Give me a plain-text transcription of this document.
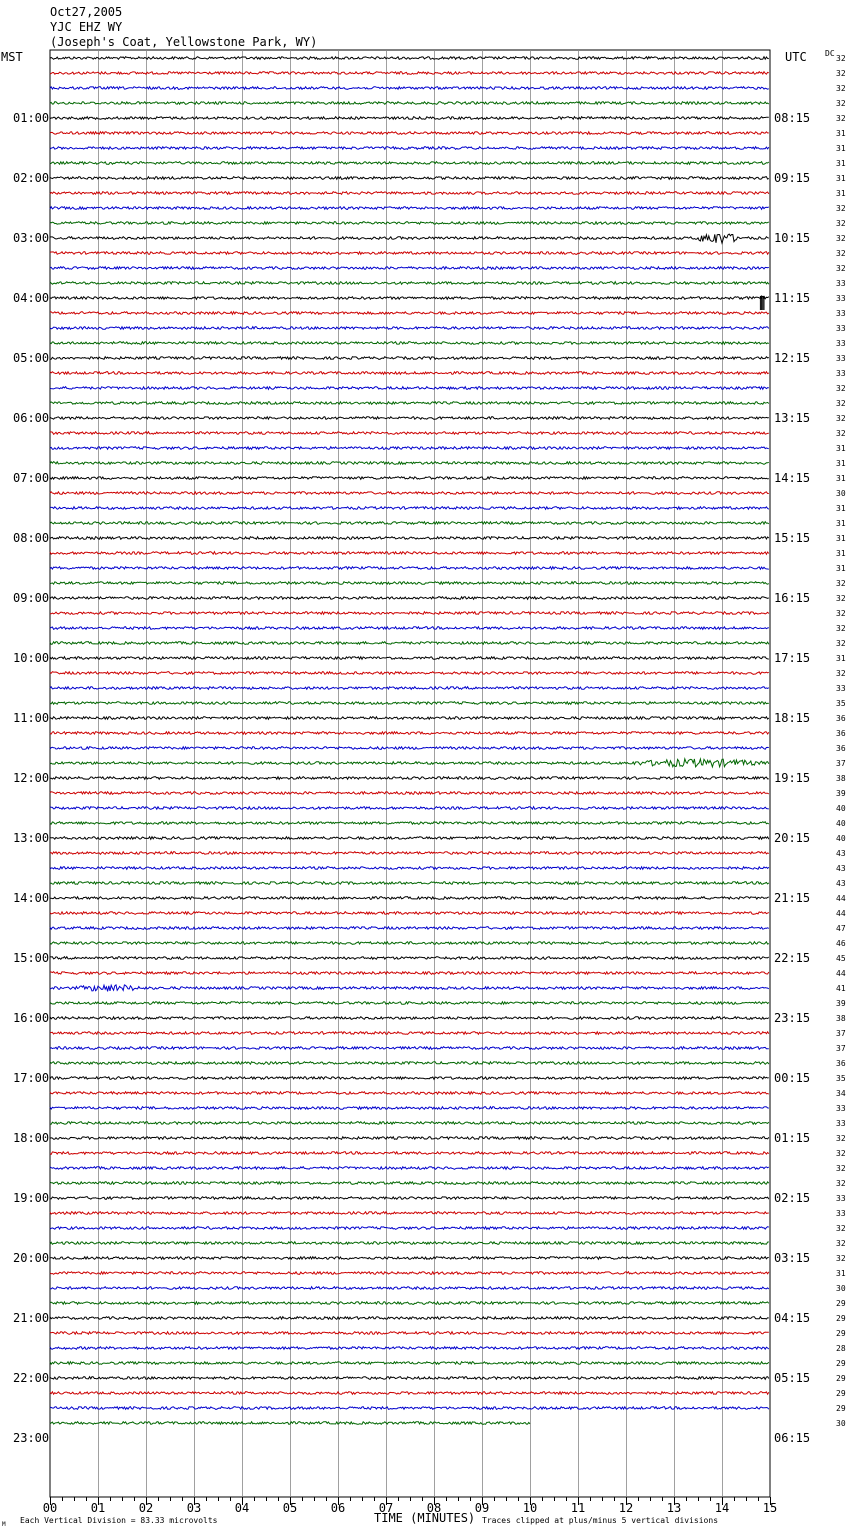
Oct27,2005
YJC EHZ WY
(Joseph's Coat, Yellowstone Park, WY)
MST	UTC DC
01:00
02:00
03:00
04:00
05:00
06:00
07:00
08:00
09:00
10:00
11:00
12:00
13:00
14:00
15:00
16:00
17:00
18:00
19:00
20:00
21:00
22:00
23:00
08:15
09:15
10:15
11:15
12:15
13:15
14:15
15:15
16:15
17:15
18:15
19:15
20:15
21:15
22:15
23:15
00:15
01:15
02:15
03:15
04:15
05:15
06:15
32
32
32
32
32
31
31
31
31
31
32
32
32
32
32
33
33
33
33
33
33
33
32
32
32
32
31
31
31
30
31
31
31
31
31
32
32
32
32
32
31
32
33
35
36
36
36
37
38
39
40
40
40
43
43
43
44
44
47
46
45
44
41
39
38
37
37
36
35
34
33
33
32
32
32
32
33
33
32
32
32
31
30
29
29
29
28
29
29
29
29
30
00	01	02	03	04	05	06	07	08	09	10	11	12	13	14	15
M Each Vertical Division = 83.33 microvolts	TIME (MINUTES) Traces clipped at plus/minus 5 vertical divisions
